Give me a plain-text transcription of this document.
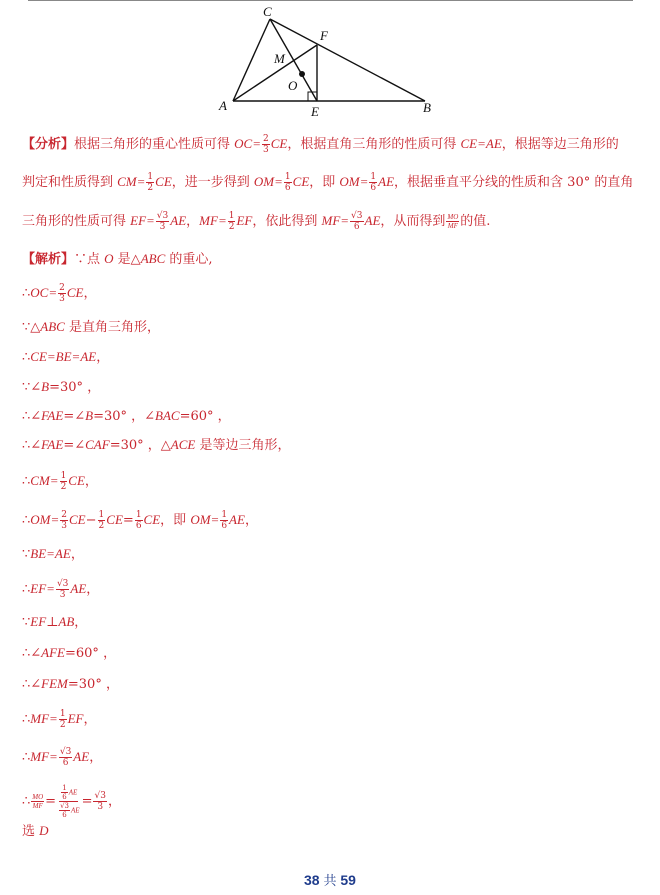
C
F
M
O
A	E	B
【分析】根据三角形的重心性质可得 $OC= \frac{2}{3}$ CE，根据直角三角形的性质可得 CE=AE，根据等边三角形的
判定和性质得到 $CM= \frac{1}{2}$ CE，进一步得到 $OM= \frac{1}{6}$ CE，即 $OM= \frac{1}{6}$ AE，根据垂直平分线的性质和含 30° 的直角
三角形的性质可得 $EF= \frac{√3}{3}$ AE，$MF= \frac{1}{2}$ EF，依此得到 $MF= \frac{√3}{6}$ AE，从而得到 $\frac{MO}{MF}$ 的值.
【解析】∵点 O 是△ABC 的重心,
∴OC= $\frac{2}{3}$ CE，
∵△ABC 是直角三角形，
∴CE=BE=AE，
∵∠B=30° ，
∴∠FAE=∠B=30° ，∠BAC=60° ，
∴∠FAE=∠CAF=30° ，△ACE 是等边三角形，
∴CM= $\frac{1}{2}$ CE，
∴OM= $\frac{2}{3} CE- \frac{1}{2} CE= \frac{1}{6}$ CE，即 $OM= \frac{1}{6}$ AE，
∵BE=AE，
∴EF= $\frac{√3}{3}$ AE，
∵EF⊥AB，
∴∠AFE=60° ，
∴∠FEM=30° ，
∴MF= $\frac{1}{2}$ EF，
∴MF= $\frac{√3}{6}$ AE，
∴ $\frac{MO}{MF} = \frac{\frac{1}{6} AE}{\frac{√3}{6} AE} = \frac{√3}{3}$ ，
选 D
38 共 59
